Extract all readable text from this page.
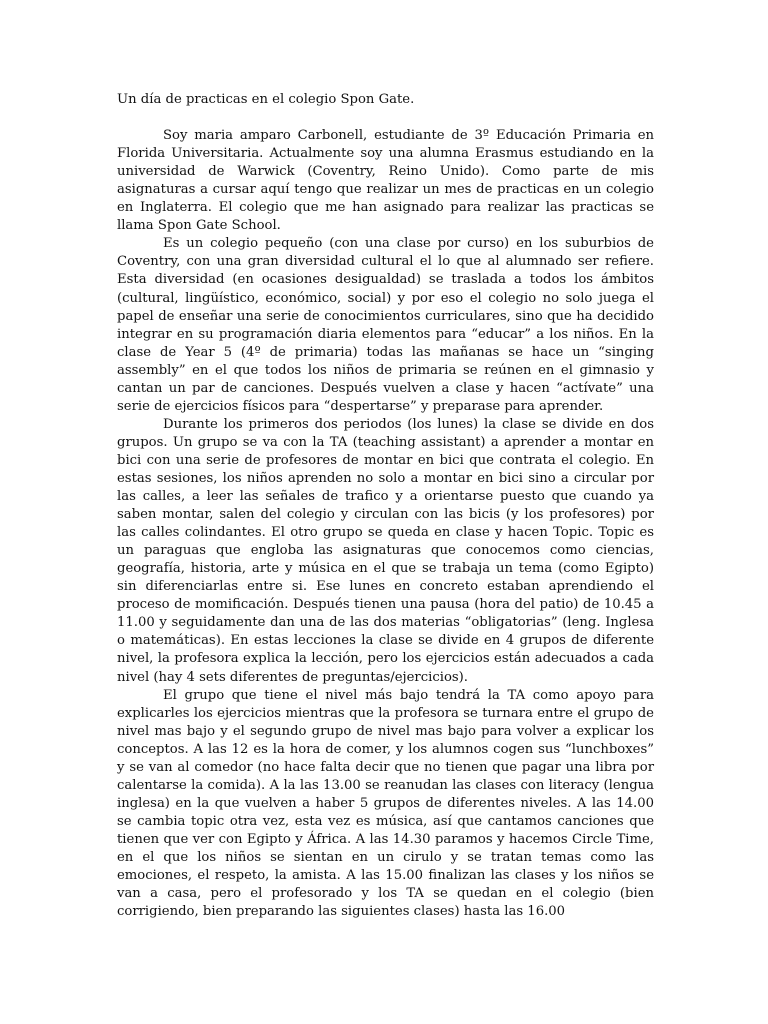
Un día de practicas en el colegio Spon Gate.

Soy maria amparo Carbonell, estudiante de 3º Educación Primaria en Florida Universitaria. Actualmente soy una alumna Erasmus estudiando en la universidad de Warwick (Coventry, Reino Unido). Como parte de mis asignaturas a cursar aquí tengo que realizar un mes de practicas en un colegio en Inglaterra. El colegio que me han asignado para realizar las practicas se llama Spon Gate School.

Es un colegio pequeño (con una clase por curso) en los suburbios de Coventry, con una gran diversidad cultural el lo que al alumnado ser refiere. Esta diversidad (en ocasiones desigualdad) se traslada a todos los ámbitos (cultural, lingüístico, económico, social) y por eso el colegio no solo juega el papel de enseñar una serie de conocimientos curriculares, sino que ha decidido integrar en su programación diaria elementos para “educar” a los niños. En la clase de Year 5 (4º de primaria) todas las mañanas se hace un “singing assembly” en el que todos los niños de primaria se reúnen en el gimnasio y cantan un par de canciones. Después vuelven a clase y hacen “actívate” una serie de ejercicios físicos para “despertarse” y preparase para aprender.

Durante los primeros dos periodos (los lunes) la clase se divide en dos grupos. Un grupo se va con la TA (teaching assistant) a aprender a montar en bici con una serie de profesores de montar en bici que contrata el colegio. En estas sesiones, los niños aprenden no solo a montar en bici sino a circular por las calles, a leer las señales de trafico y a orientarse puesto que cuando ya saben montar, salen del colegio y circulan con las bicis (y los profesores) por las calles colindantes. El otro grupo se queda en clase y hacen Topic. Topic es un paraguas que engloba las asignaturas que conocemos como ciencias, geografía, historia, arte y música en el que se trabaja un tema (como Egipto) sin diferenciarlas entre si. Ese lunes en concreto estaban aprendiendo el proceso de momificación. Después tienen una pausa (hora del patio) de 10.45 a 11.00 y seguidamente dan una de las dos materias “obligatorias” (leng. Inglesa o matemáticas). En estas lecciones la clase se divide en 4 grupos de diferente nivel, la profesora explica la lección, pero los ejercicios están adecuados a cada nivel (hay 4 sets diferentes de preguntas/ejercicios).

El grupo que tiene el nivel más bajo tendrá la TA como apoyo para explicarles los ejercicios mientras que la profesora se turnara entre el grupo de nivel mas bajo y el segundo grupo de nivel mas bajo para volver a explicar los conceptos. A las 12 es la hora de comer, y los alumnos cogen sus “lunchboxes” y se van al comedor (no hace falta decir que no tienen que pagar una libra por calentarse la comida). A la las 13.00 se reanudan las clases con literacy (lengua inglesa) en la que vuelven a haber 5 grupos de diferentes niveles. A las 14.00 se cambia topic otra vez, esta vez es música, así que cantamos canciones que tienen que ver con Egipto y África. A las 14.30 paramos y hacemos Circle Time, en el que los niños se sientan en un cirulo y se tratan temas como las emociones, el respeto, la amista. A las 15.00 finalizan las clases y los niños se van a casa, pero el profesorado y los TA se quedan en el colegio (bien corrigiendo, bien preparando las siguientes clases) hasta las 16.00
